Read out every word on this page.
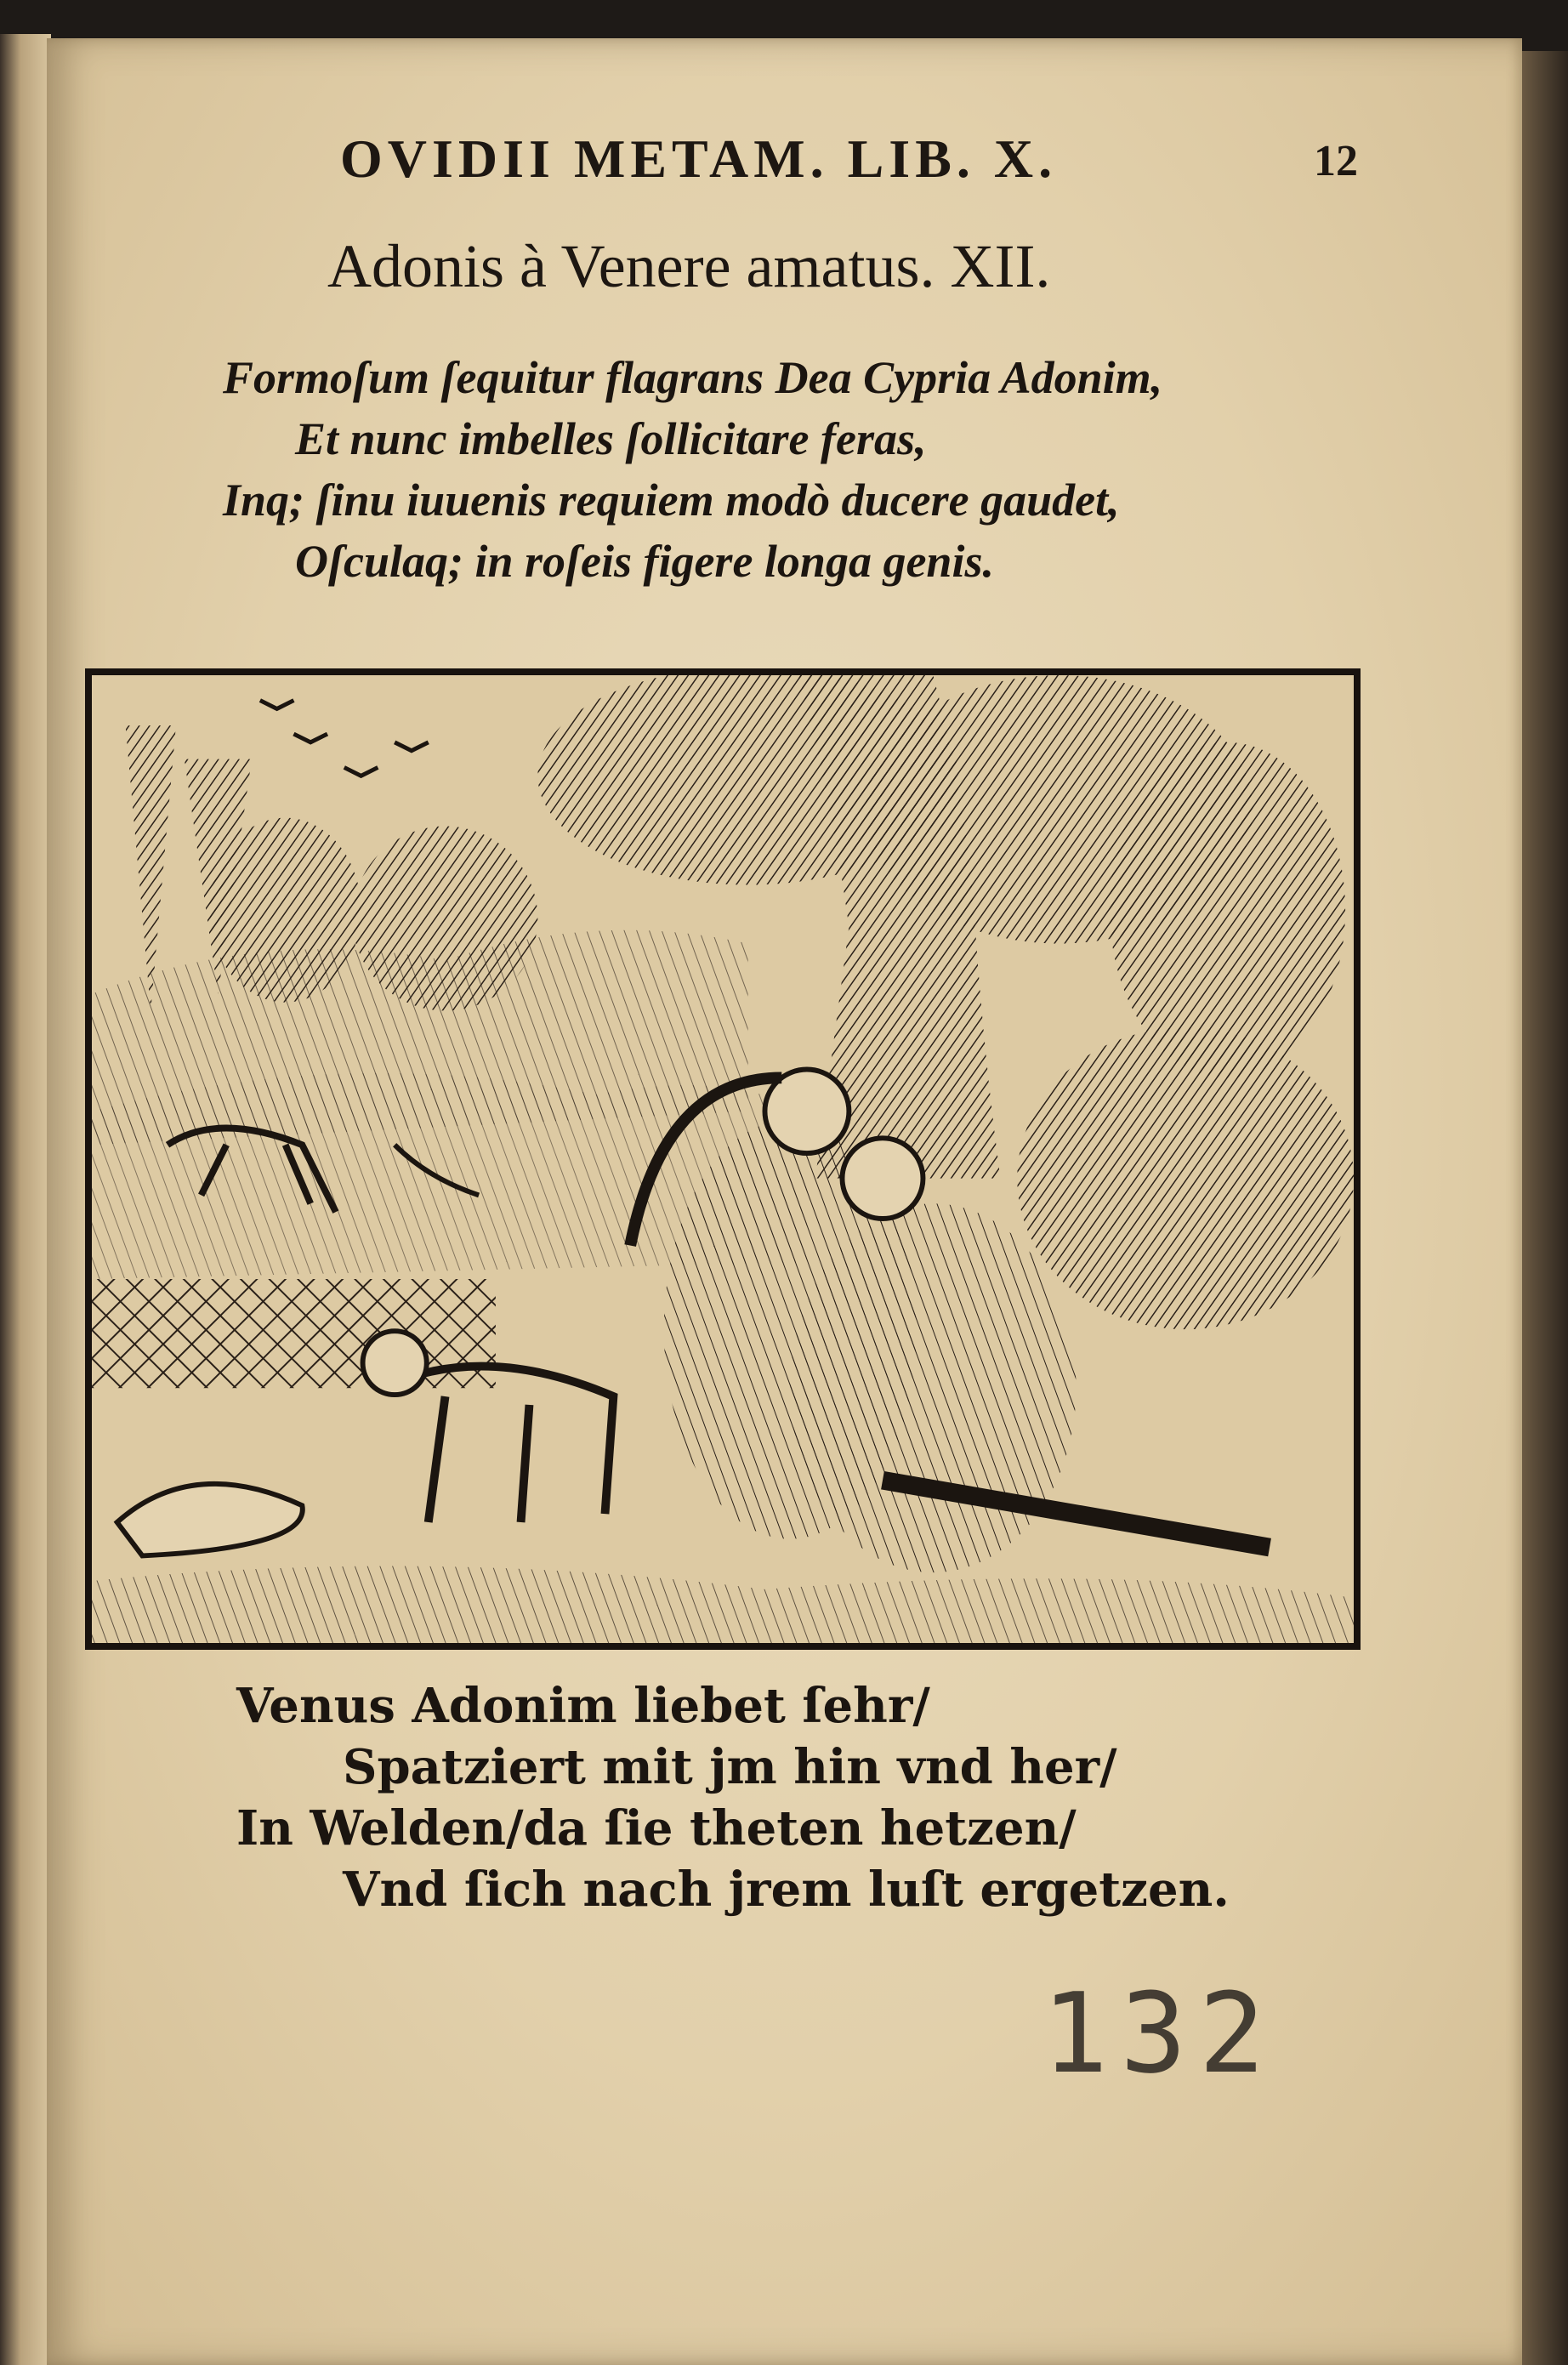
OVIDII METAM. LIB. X.	12
Adonis à Venere amatus. XII.
Formoſum ſequitur flagrans Dea Cypria Adonim,
Et nunc imbelles ſollicitare feras,
Inq; ſinu iuuenis requiem modò ducere gaudet,
Oſculaq; in roſeis figere longa genis.
Venus Adonim liebet ſehr/
Spatziert mit jm hin vnd her/
In Welden/da ſie theten hetzen/
Vnd ſich nach jrem luſt ergetzen.
132
